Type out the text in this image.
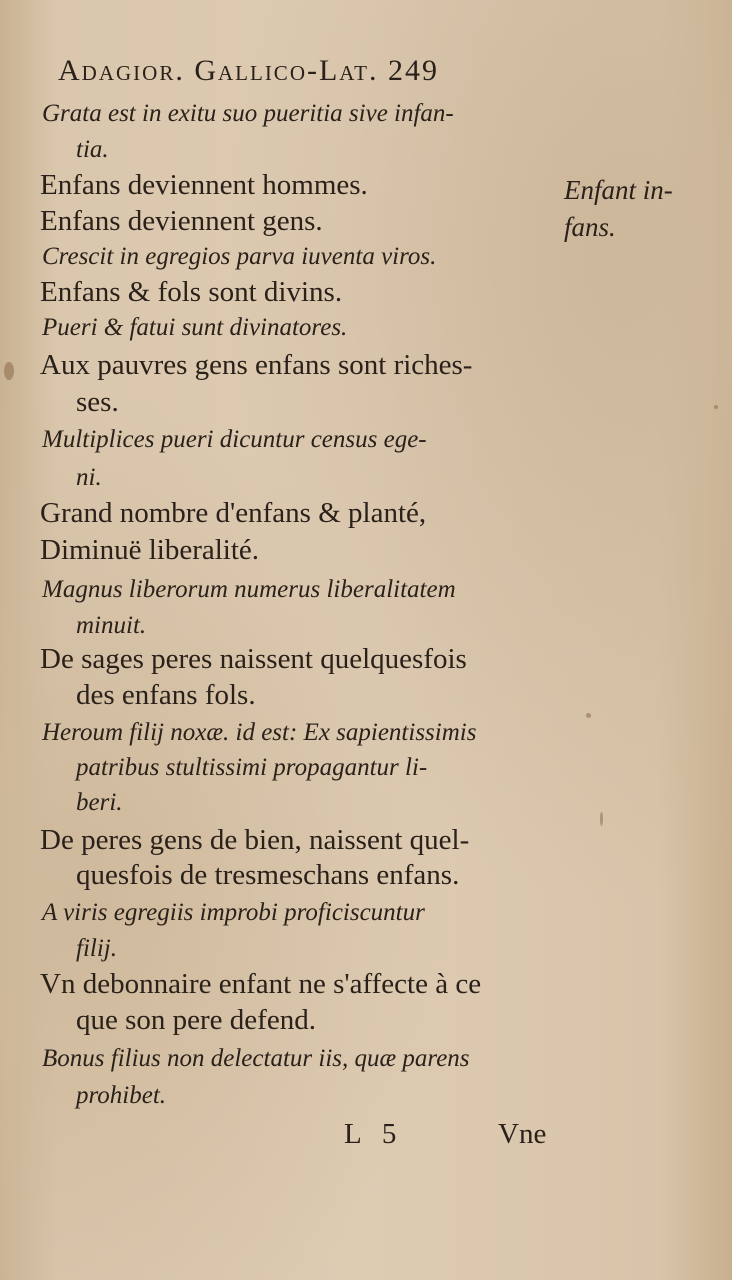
Adagior. Gallico-Lat. 249
Grata est in exitu suo pueritia sive infan-
tia.
Enfans deviennent hommes.
Enfans deviennent gens.
Crescit in egregios parva iuventa viros.
Enfans & fols sont divins.
Pueri & fatui sunt divinatores.
Aux pauvres gens enfans sont riches-
ses.
Multiplices pueri dicuntur census ege-
ni.
Grand nombre d'enfans & planté,
Diminuë liberalité.
Magnus liberorum numerus liberalitatem
minuit.
De sages peres naissent quelquesfois
des enfans fols.
Heroum filij noxæ. id est: Ex sapientissimis
patribus stultissimi propagantur li-
beri.
De peres gens de bien, naissent quel-
quesfois de tresmeschans enfans.
A viris egregiis improbi proficiscuntur
filij.
Vn debonnaire enfant ne s'affecte à ce
que son pere defend.
Bonus filius non delectatur iis, quæ parens
prohibet.
Enfant in-
fans.
L 5	Vne
